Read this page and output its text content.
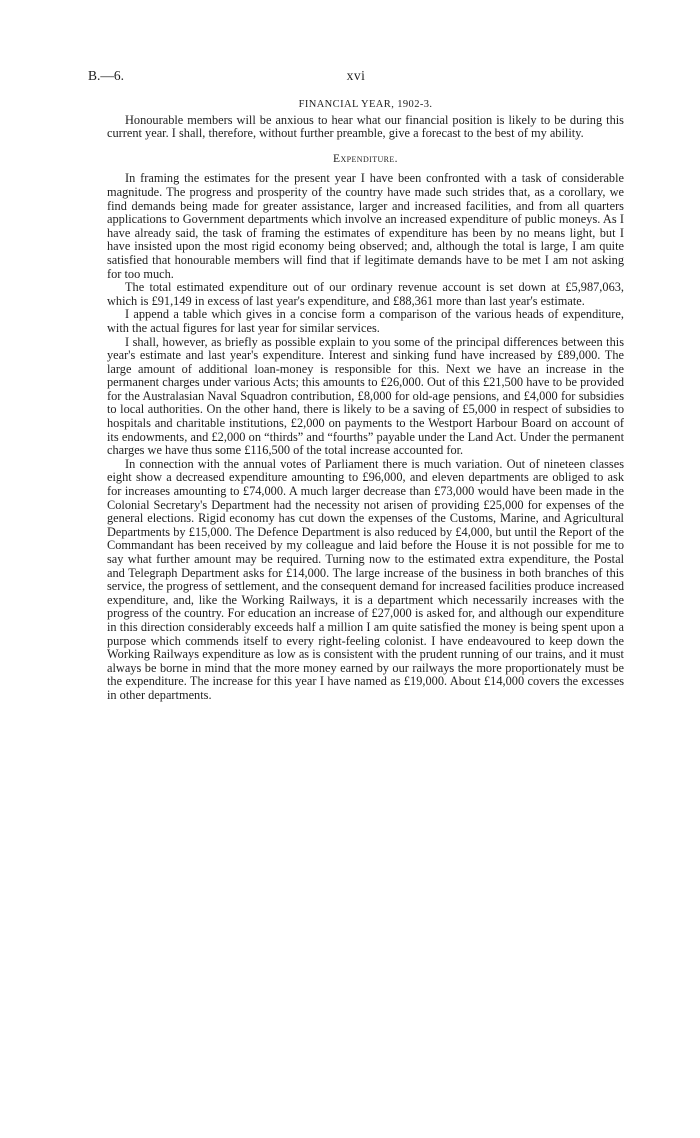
B.—6.	xvi

FINANCIAL YEAR, 1902-3.

Honourable members will be anxious to hear what our financial position is likely to be during this current year. I shall, therefore, without further preamble, give a forecast to the best of my ability.

Expenditure.

In framing the estimates for the present year I have been confronted with a task of considerable magnitude. The progress and prosperity of the country have made such strides that, as a corollary, we find demands being made for greater assistance, larger and increased facilities, and from all quarters applications to Government departments which involve an increased expenditure of public moneys. As I have already said, the task of framing the estimates of expenditure has been by no means light, but I have insisted upon the most rigid economy being observed; and, although the total is large, I am quite satisfied that honourable members will find that if legitimate demands have to be met I am not asking for too much.

The total estimated expenditure out of our ordinary revenue account is set down at £5,987,063, which is £91,149 in excess of last year's expenditure, and £88,361 more than last year's estimate.

I append a table which gives in a concise form a comparison of the various heads of expenditure, with the actual figures for last year for similar services.

I shall, however, as briefly as possible explain to you some of the principal differences between this year's estimate and last year's expenditure. Interest and sinking fund have increased by £89,000. The large amount of additional loan-money is responsible for this. Next we have an increase in the permanent charges under various Acts; this amounts to £26,000. Out of this £21,500 have to be provided for the Australasian Naval Squadron contribution, £8,000 for old-age pensions, and £4,000 for subsidies to local authorities. On the other hand, there is likely to be a saving of £5,000 in respect of subsidies to hospitals and charitable institutions, £2,000 on payments to the Westport Harbour Board on account of its endowments, and £2,000 on “thirds” and “fourths” payable under the Land Act. Under the permanent charges we have thus some £116,500 of the total increase accounted for.

In connection with the annual votes of Parliament there is much variation. Out of nineteen classes eight show a decreased expenditure amounting to £96,000, and eleven departments are obliged to ask for increases amounting to £74,000. A much larger decrease than £73,000 would have been made in the Colonial Secretary's Department had the necessity not arisen of providing £25,000 for expenses of the general elections. Rigid economy has cut down the expenses of the Customs, Marine, and Agricultural Departments by £15,000. The Defence Department is also reduced by £4,000, but until the Report of the Commandant has been received by my colleague and laid before the House it is not possible for me to say what further amount may be required. Turning now to the estimated extra expenditure, the Postal and Telegraph Department asks for £14,000. The large increase of the business in both branches of this service, the progress of settlement, and the consequent demand for increased facilities produce increased expenditure, and, like the Working Railways, it is a department which necessarily increases with the progress of the country. For education an increase of £27,000 is asked for, and although our expenditure in this direction considerably exceeds half a million I am quite satisfied the money is being spent upon a purpose which commends itself to every right-feeling colonist. I have endeavoured to keep down the Working Railways expenditure as low as is consistent with the prudent running of our trains, and it must always be borne in mind that the more money earned by our railways the more proportionately must be the expenditure. The increase for this year I have named as £19,000. About £14,000 covers the excesses in other departments.
